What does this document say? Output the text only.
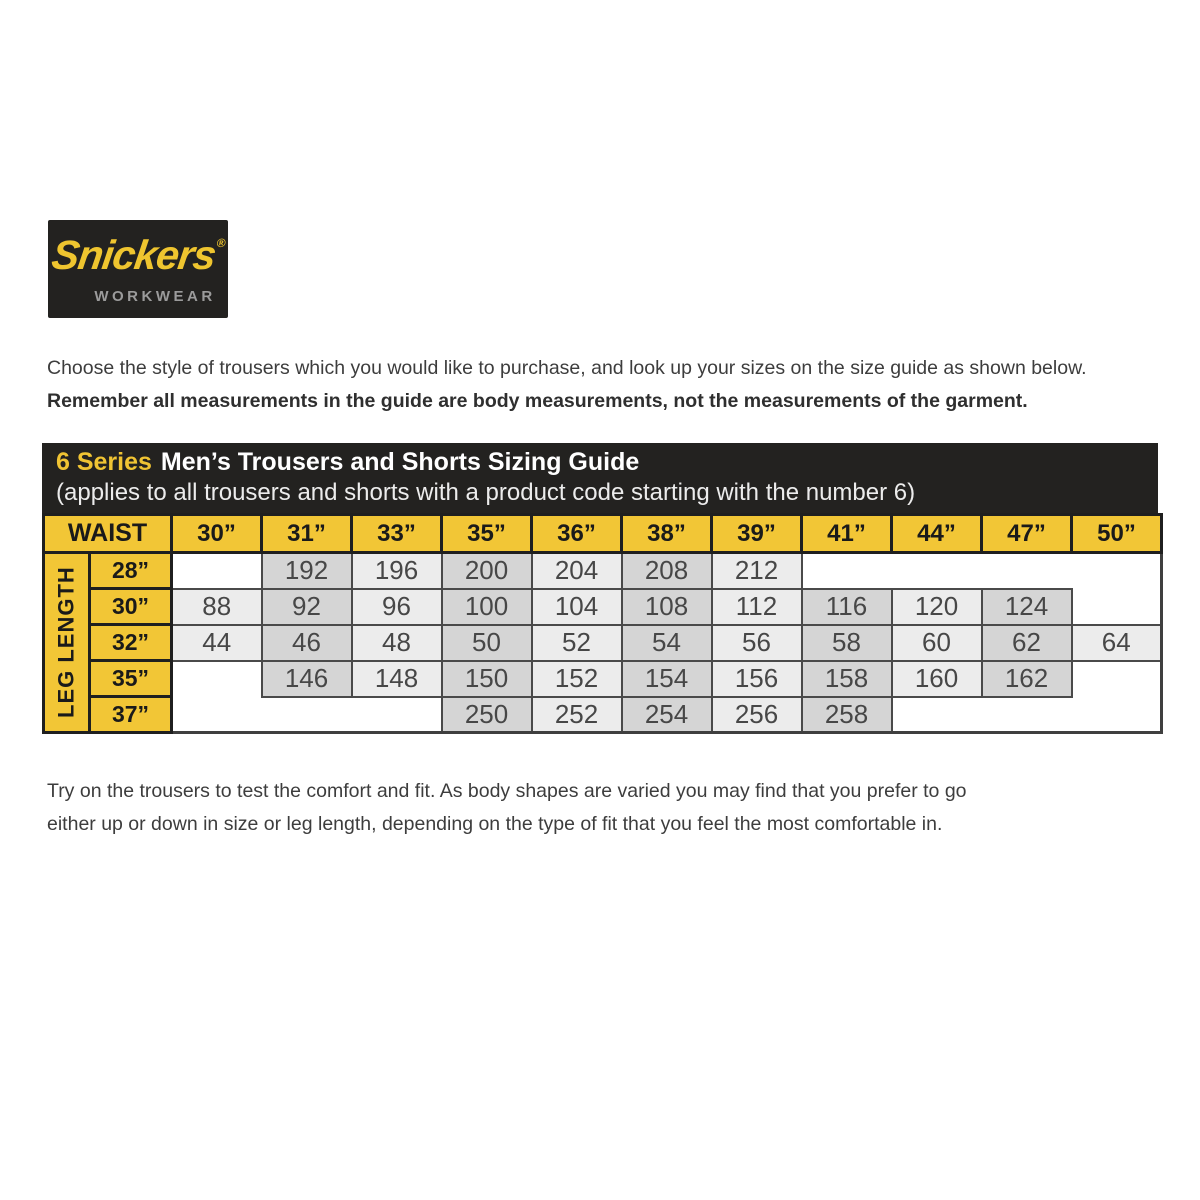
Snickers®
WORKWEAR

Choose the style of trousers which you would like to purchase, and look up your sizes on the size guide as shown below.

Remember all measurements in the guide are body measurements, not the measurements of the garment.

6 Series Men’s Trousers and Shorts Sizing Guide
(applies to all trousers and shorts with a product code starting with the number 6)
WAIST		30”	31”	33”	35”	36”	38”	39”	41”	44”	47”	50”

LEG LENGTH	28”		192	196	200	204	208	212				
	30”	88	92	96	100	104	108	112	116	120	124	
	32”	44	46	48	50	52	54	56	58	60	62	64
	35”		146	148	150	152	154	156	158	160	162	
	37”				250	252	254	256	258			

Try on the trousers to test the comfort and fit. As body shapes are varied you may find that you prefer to go

either up or down in size or leg length, depending on the type of fit that you feel the most comfortable in.
